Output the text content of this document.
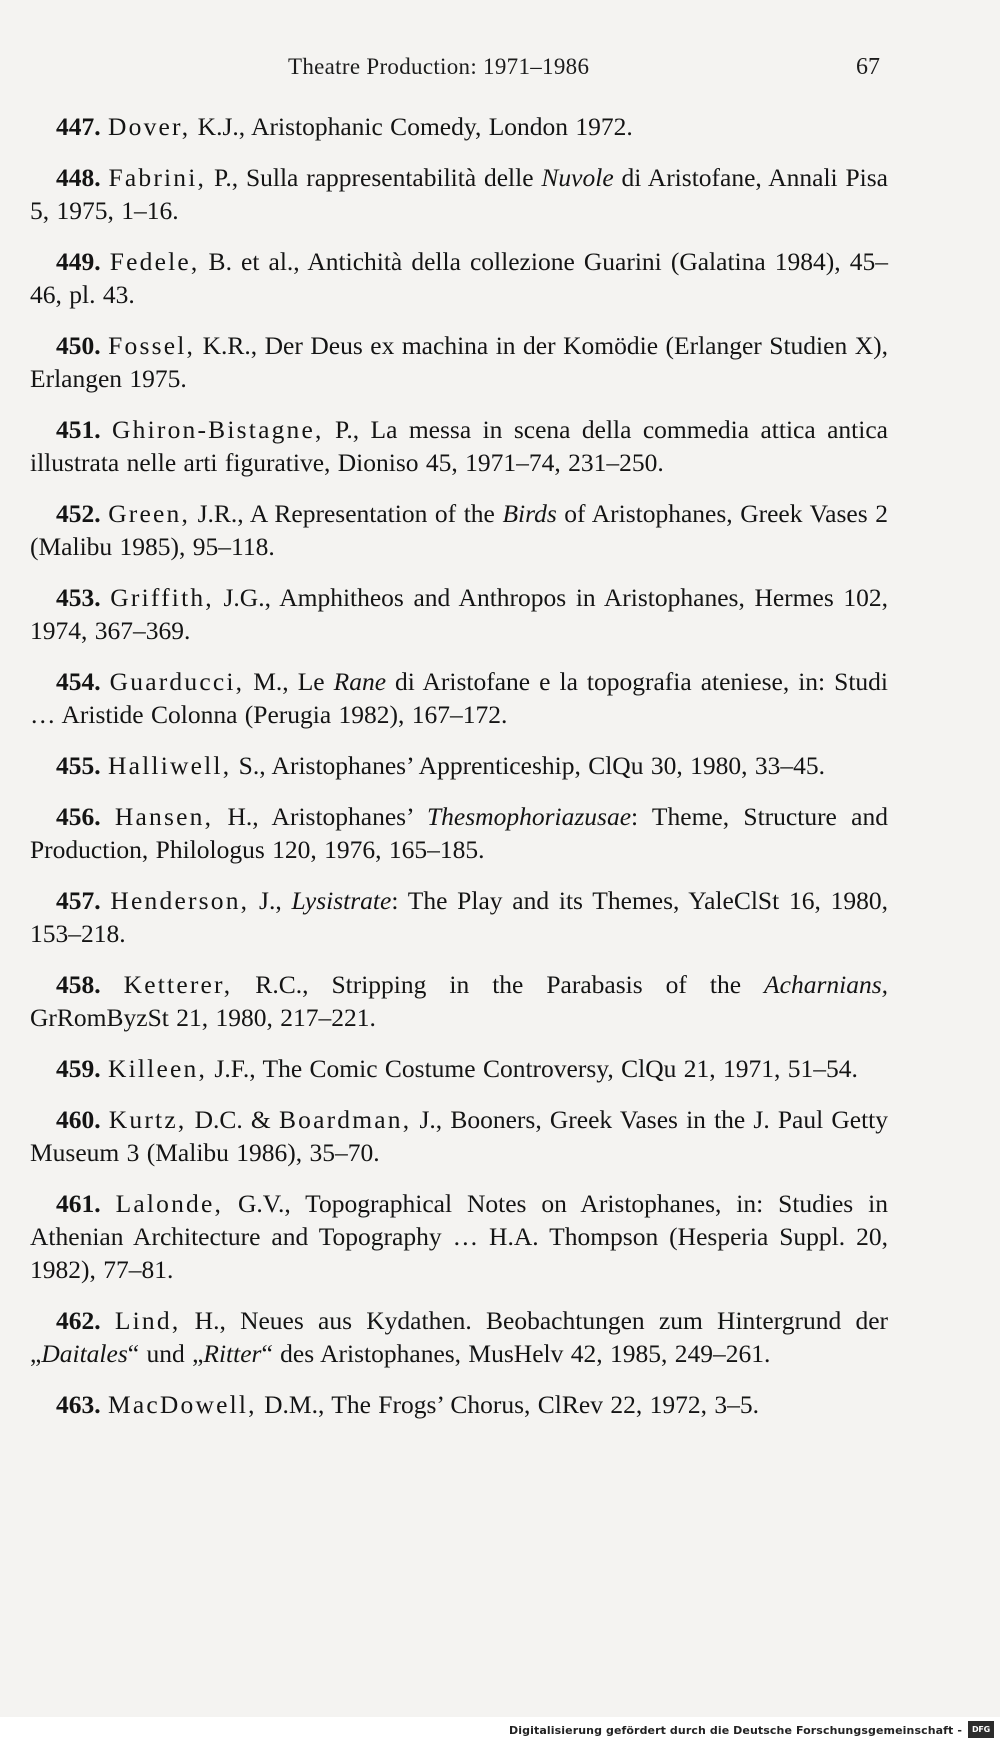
Theatre Production: 1971–1986	67

447. Dover, K.J., Aristophanic Comedy, London 1972.

448. Fabrini, P., Sulla rappresentabilità delle Nuvole di Aristofane, Annali Pisa 5, 1975, 1–16.

449. Fedele, B. et al., Antichità della collezione Guarini (Galatina 1984), 45–46, pl. 43.

450. Fossel, K.R., Der Deus ex machina in der Komödie (Erlanger Studien X), Erlangen 1975.

451. Ghiron-Bistagne, P., La messa in scena della commedia attica antica illustrata nelle arti figurative, Dioniso 45, 1971–74, 231–250.

452. Green, J.R., A Representation of the Birds of Aristophanes, Greek Vases 2 (Malibu 1985), 95–118.

453. Griffith, J.G., Amphitheos and Anthropos in Aristophanes, Hermes 102, 1974, 367–369.

454. Guarducci, M., Le Rane di Aristofane e la topografia ateniese, in: Studi … Aristide Colonna (Perugia 1982), 167–172.

455. Halliwell, S., Aristophanes’ Apprenticeship, ClQu 30, 1980, 33–45.

456. Hansen, H., Aristophanes’ Thesmophoriazusae: Theme, Structure and Production, Philologus 120, 1976, 165–185.

457. Henderson, J., Lysistrate: The Play and its Themes, YaleClSt 16, 1980, 153–218.

458. Ketterer, R.C., Stripping in the Parabasis of the Acharnians, GrRomByzSt 21, 1980, 217–221.

459. Killeen, J.F., The Comic Costume Controversy, ClQu 21, 1971, 51–54.

460. Kurtz, D.C. & Boardman, J., Booners, Greek Vases in the J. Paul Getty Museum 3 (Malibu 1986), 35–70.

461. Lalonde, G.V., Topographical Notes on Aristophanes, in: Studies in Athenian Architecture and Topography … H.A. Thompson (Hesperia Suppl. 20, 1982), 77–81.

462. Lind, H., Neues aus Kydathen. Beobachtungen zum Hintergrund der „Daitales“ und „Ritter“ des Aristophanes, MusHelv 42, 1985, 249–261.

463. MacDowell, D.M., The Frogs’ Chorus, ClRev 22, 1972, 3–5.

Digitalisierung gefördert durch die Deutsche Forschungsgemeinschaft -	DFG
